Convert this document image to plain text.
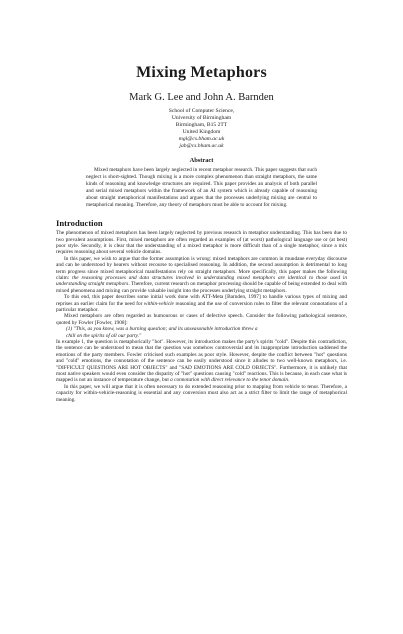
Mixing Metaphors
Mark G. Lee and John A. Barnden
School of Computer Science,
University of Birmingham
Birmingham, B15 2TT
United Kingdom
mgl@cs.bham.ac.uk
jab@cs.bham.ac.uk
Abstract
Mixed metaphors have been largely neglected in recent metaphor research. This paper suggests that such neglect is short-sighted. Though mixing is a more complex phenomenon than straight metaphors, the same kinds of reasoning and knowledge structures are required. This paper provides an analysis of both parallel and serial mixed metaphors within the framework of an AI system which is already capable of reasoning about straight metaphorical manifestations and argues that the processes underlying mixing are central to metaphorical meaning. Therefore, any theory of metaphors must be able to account for mixing.
Introduction

The phenomenon of mixed metaphors has been largely neglected by previous research in metaphor understanding. This has been due to two prevalent assumptions. First, mixed metaphors are often regarded as examples of (at worst) pathological language use or (at best) poor style. Secondly, it is clear that the understanding of a mixed metaphor is more difficult than of a single metaphor, since a mix requires reasoning about several vehicle domains.

In this paper, we wish to argue that the former assumption is wrong: mixed metaphors are common in mundane everyday discourse and can be understood by hearers without recourse to specialised reasoning. In addition, the second assumption is detrimental to long term progress since mixed metaphorical manifestations rely on straight metaphors. More specifically, this paper makes the following claim: the reasoning processes and data structures involved in understanding mixed metaphors are identical to those used in understanding straight metaphors. Therefore, current research on metaphor processing should be capable of being extended to deal with mixed phenomena and mixing can provide valuable insight into the processes underlying straight metaphors.

To this end, this paper describes some initial work done with ATT-Meta [Barnden, 1997] to handle various types of mixing and reprises an earlier claim for the need for within-vehicle reasoning and the use of conversion rules to filter the relevant connotations of a particular metaphor.

Mixed metaphors are often regarded as humourous or cases of defective speech. Consider the following pathological sentence, quoted by Fowler [Fowler, 1908]:

(1) "This, as you know, was a burning question; and its unseasonable introduction threw a
chill on the spirits of all our party."

In example 1, the question is metaphorically "hot". However, its introduction makes the party's spirits "cold". Despite this contradiction, the sentence can be understood to mean that the question was somehow controversial and its inappropriate introduction saddened the emotions of the party members. Fowler criticised such examples as poor style. However, despite the conflict between "hot" questions and "cold" emotions, the connotation of the sentence can be easily understood since it alludes to two well-known metaphors, i.e. "DIFFICULT QUESTIONS ARE HOT OBJECTS" and "SAD EMOTIONS ARE COLD OBJECTS". Furthermore, it is unlikely that most native speakers would even consider the disparity of "hot" questions causing "cold" reactions. This is because, in each case what is mapped is not an instance of temperature change, but a connotation with direct relevance to the tenor domain.

In this paper, we will argue that it is often necessary to do extended reasoning prior to mapping from vehicle to tenor. Therefore, a capacity for within-vehicle-reasoning is essential and any conversion must also act as a strict filter to limit the range of metaphorical meaning.
